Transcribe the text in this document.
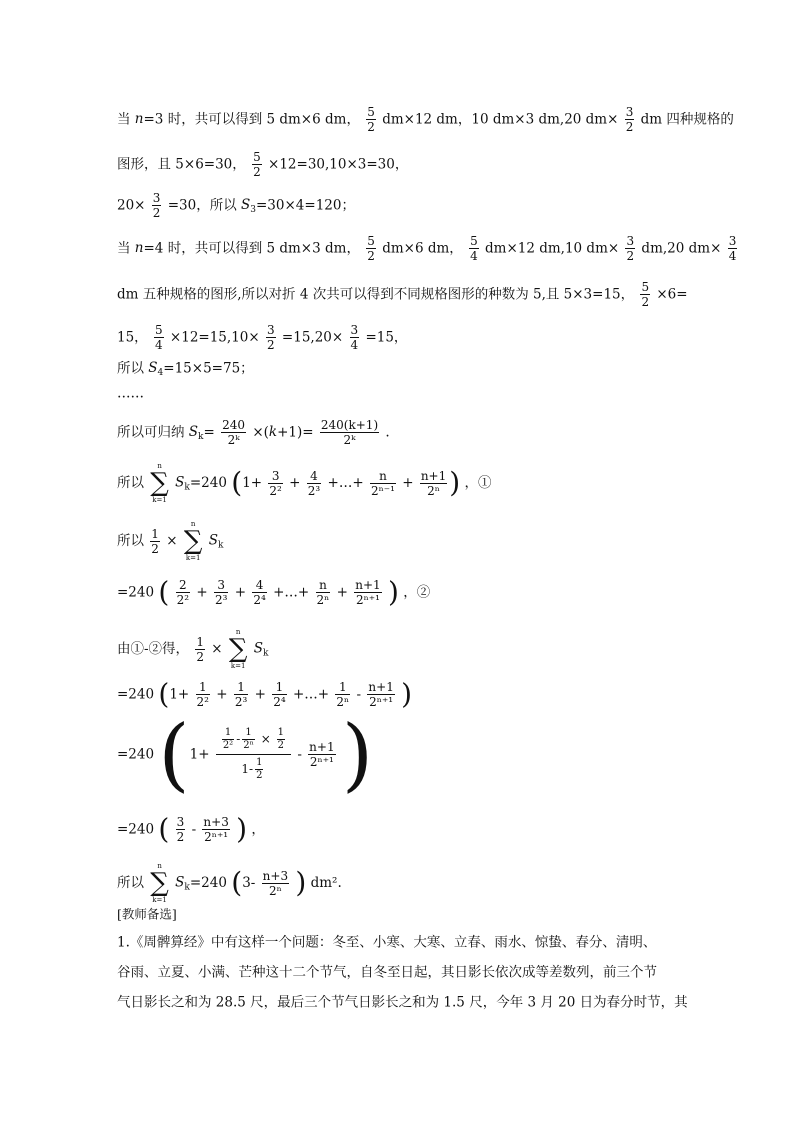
当 n=3 时，共可以得到 5 dm×6 dm， $\frac{5}{2} dm\times 12$ dm，10 dm×3 dm,20 $dm\times \frac{3}{2}$ dm 四种规格的
图形，且 5×6=30， $\frac{5}{2} \times 12=30,10\times 3=30$，
$20\times \frac{3}{2} =30$，所以 $S_3=30\times 4=120$；
当 n=4 时，共可以得到 5 dm×3 dm， $\frac{5}{2} dm\times 6$ dm， $\frac{5}{4} dm\times 12$ dm,10 $dm\times \frac{3}{2} dm,20$ $dm\times \frac{3}{4}$
dm 五种规格的图形,所以对折 4 次共可以得到不同规格图形的种数为 5,且 5×3=15， $\frac{5}{2} \times 6=$
15， $\frac{5}{4} \times 12=15,10\times \frac{3}{2} =15,20\times \frac{3}{4} =15$，
所以 $S_4=15\times 5=75$；
……
所以可归纳 $S_k= \frac{240}{\text{2ᵏ}} \times(k+1)= \frac{240(k+1)}{\text{2ᵏ}}$ .
所以
n
∑
k=1
$S_k=240$ ($1+ \frac{3}{\text{2²}} + \frac{4}{\text{2³}}$ +…+ $\frac{n}{\text{2ⁿ⁻¹}} + \frac{n+1}{\text{2ⁿ}}$ ) ，①
所以 $\frac{1}{2}$ ×
n
∑
k=1
$S_k$
=240 ( $\frac{2}{\text{2²}} + \frac{3}{\text{2³}} + \frac{4}{\text{2⁴}}$ +…+ $\frac{n}{\text{2ⁿ}} + \frac{n+1}{\text{2ⁿ⁺¹}}$ ) ，②
由①-②得， $\frac{1}{2}$ ×
n
∑
k=1
$S_k$
=240 ($1+ \frac{1}{\text{2²}} + \frac{1}{\text{2³}} + \frac{1}{\text{2⁴}}$ +…+ $\frac{1}{\text{2ⁿ}} - \frac{n+1}{\text{2ⁿ⁺¹}}$ )
=240 ($1+ \frac{\frac{1}{\text{2²}} - \frac{1}{\text{2ⁿ}} \times \frac{1}{2}}{1- \frac{1}{2}} - \frac{n+1}{\text{2ⁿ⁺¹}}$ )
=240 ( $\frac{3}{2} - \frac{n+3}{\text{2ⁿ⁺¹}}$ ) ，
所以
n
∑
k=1
$S_k=240$ ($3- \frac{n+3}{\text{2ⁿ}}$ ) dm².
[教师备选]
1.《周髀算经》中有这样一个问题：冬至、小寒、大寒、立春、雨水、惊蛰、春分、清明、
谷雨、立夏、小满、芒种这十二个节气，自冬至日起，其日影长依次成等差数列，前三个节
气日影长之和为 28.5 尺，最后三个节气日影长之和为 1.5 尺，今年 3 月 20 日为春分时节，其
